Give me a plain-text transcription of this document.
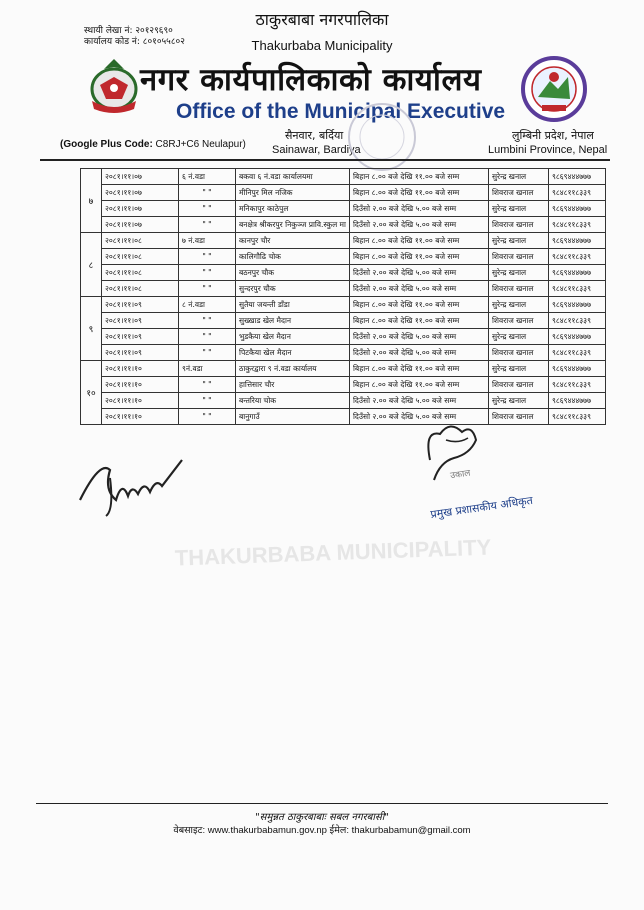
THAKURBABA MUNICIPALITY
स्थायी लेखा नं: २०१२९६९०
कार्यालय कोड नं: ८०१०५५८०२
ठाकुरबाबा नगरपालिका
Thakurbaba Municipality
नगर कार्यपालिकाको कार्यालय
Office of the Municipal Executive
(Google Plus Code: C8RJ+C6 Neulapur)
सैनवार, बर्दिया
Sainawar, Bardiya
लुम्बिनी प्रदेश, नेपाल
Lumbini Province, Nepal
७	२०८१।११।०७	६ नं.वडा	बकवा ६ नं.वडा कार्यालयमा	बिहान ८.०० बजे देखि ११.०० बजे सम्म	सुरेन्द्र खनाल	९८६९४४४७७७
	२०८१।११।०७	" "	मीनिपुर मिल नजिक	बिहान ८.०० बजे देखि ११.०० बजे सम्म	शिवराज खनाल	९८४८११८३३९
	२०८१।११।०७	" "	मनिकापुर काठेपुल	दिउँसो २.०० बजे देखि ५.०० बजे सम्म	सुरेन्द्र खनाल	९८६९४४४७७७
	२०८१।११।०७	" "	बनक्षेत्र श्रीकरपुर निकुञ्ज प्रावि.स्कुल मा	दिउँसो २.०० बजे देखि ५.०० बजे सम्म	शिवराज खनाल	९८४८११८३३९
८	२०८१।११।०८	७ नं.वडा	कानपुर चौर	बिहान ८.०० बजे देखि ११.०० बजे सम्म	सुरेन्द्र खनाल	९८६९४४४७७७
	२०८१।११।०८	" "	कालिगौढि चोक	बिहान ८.०० बजे देखि ११.०० बजे सम्म	शिवराज खनाल	९८४८११८३३९
	२०८१।११।०८	" "	बठनपुर चौक	दिउँसो २.०० बजे देखि ५.०० बजे सम्म	सुरेन्द्र खनाल	९८६९४४४७७७
	२०८१।११।०८	" "	सुन्दरपुर चौक	दिउँसो २.०० बजे देखि ५.०० बजे सम्म	शिवराज खनाल	९८४८११८३३९
९	२०८१।११।०९	८ नं.वडा	सुतैया जयन्ती डाँडा	बिहान ८.०० बजे देखि ११.०० बजे सम्म	सुरेन्द्र खनाल	९८६९४४४७७७
	२०८१।११।०९	" "	सुख्खाड खेल मैदान	बिहान ८.०० बजे देखि ११.०० बजे सम्म	शिवराज खनाल	९८४८११८३३९
	२०८१।११।०९	" "	भुडकैया खेल मैदान	दिउँसो २.०० बजे देखि ५.०० बजे सम्म	सुरेन्द्र खनाल	९८६९४४४७७७
	२०८१।११।०९	" "	पिटकैया खेल मैदान	दिउँसो २.०० बजे देखि ५.०० बजे सम्म	शिवराज खनाल	९८४८११८३३९
१०	२०८१।११।१०	९नं.वडा	ठाकुरद्वारा ९ नं.वडा कार्यालय	बिहान ८.०० बजे देखि ११.०० बजे सम्म	सुरेन्द्र खनाल	९८६९४४४७७७
	२०८१।११।१०	" "	हात्तिसार चौर	बिहान ८.०० बजे देखि ११.०० बजे सम्म	शिवराज खनाल	९८४८११८३३९
	२०८१।११।१०	" "	बन्तरिया चोक	दिउँसो २.०० बजे देखि ५.०० बजे सम्म	सुरेन्द्र खनाल	९८६९४४४७७७
	२०८१।११।१०	" "	बानुगाउँ	दिउँसो २.०० बजे देखि ५.०० बजे सम्म	शिवराज खनाल	९८४८११८३३९
उकाल
प्रमुख प्रशासकीय अधिकृत
"समुन्नत ठाकुरबाबाः सबल नगरबासी"
वेबसाइट: www.thakurbabamun.gov.np ईमेल: thakurbabamun@gmail.com
